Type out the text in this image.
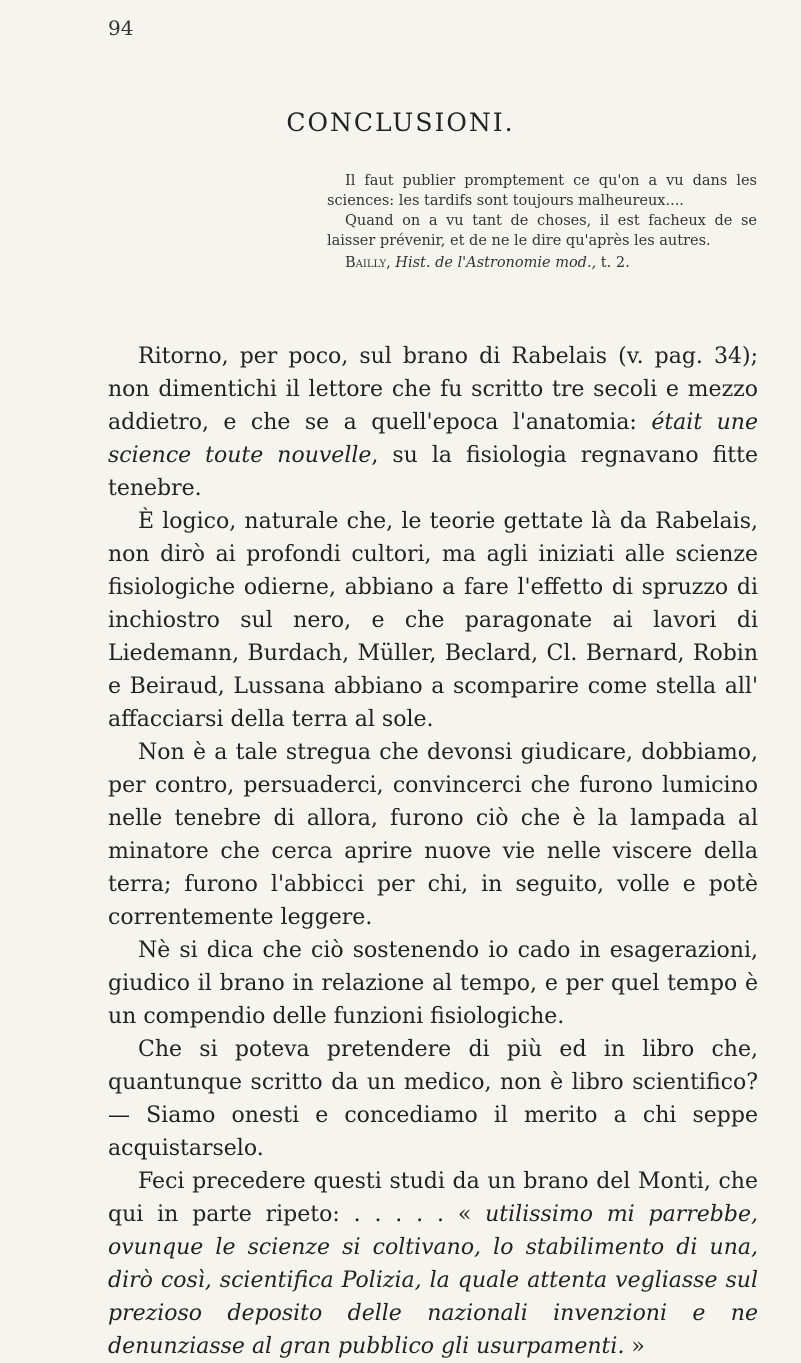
94
CONCLUSIONI.

Il faut publier promptement ce qu'on a vu dans les sciences: les tardifs sont toujours malheureux....

Quand on a vu tant de choses, il est facheux de se laisser prévenir, et de ne le dire qu'après les autres.

Bailly, Hist. de l'Astronomie mod., t. 2.

Ritorno, per poco, sul brano di Rabelais (v. pag. 34); non dimentichi il lettore che fu scritto tre secoli e mezzo addietro, e che se a quell'epoca l'anatomia: était une science toute nouvelle, su la fisiologia regnavano fitte tenebre.

È logico, naturale che, le teorie gettate là da Rabelais, non dirò ai profondi cultori, ma agli iniziati alle scienze fisiologiche odierne, abbiano a fare l'effetto di spruzzo di inchiostro sul nero, e che paragonate ai lavori di Liedemann, Burdach, Müller, Beclard, Cl. Bernard, Robin e Beiraud, Lussana abbiano a scomparire come stella all' affacciarsi della terra al sole.

Non è a tale stregua che devonsi giudicare, dobbiamo, per contro, persuaderci, convincerci che furono lumicino nelle tenebre di allora, furono ciò che è la lampada al minatore che cerca aprire nuove vie nelle viscere della terra; furono l'abbicci per chi, in seguito, volle e potè correntemente leggere.

Nè si dica che ciò sostenendo io cado in esagerazioni, giudico il brano in relazione al tempo, e per quel tempo è un compendio delle funzioni fisiologiche.

Che si poteva pretendere di più ed in libro che, quantunque scritto da un medico, non è libro scientifico? — Siamo onesti e concediamo il merito a chi seppe acquistarselo.

Feci precedere questi studi da un brano del Monti, che qui in parte ripeto: . . . . . « utilissimo mi parrebbe, ovunque le scienze si coltivano, lo stabilimento di una, dirò così, scientifica Polizia, la quale attenta vegliasse sul prezioso deposito delle nazionali invenzioni e ne denunziasse al gran pubblico gli usurpamenti. »
